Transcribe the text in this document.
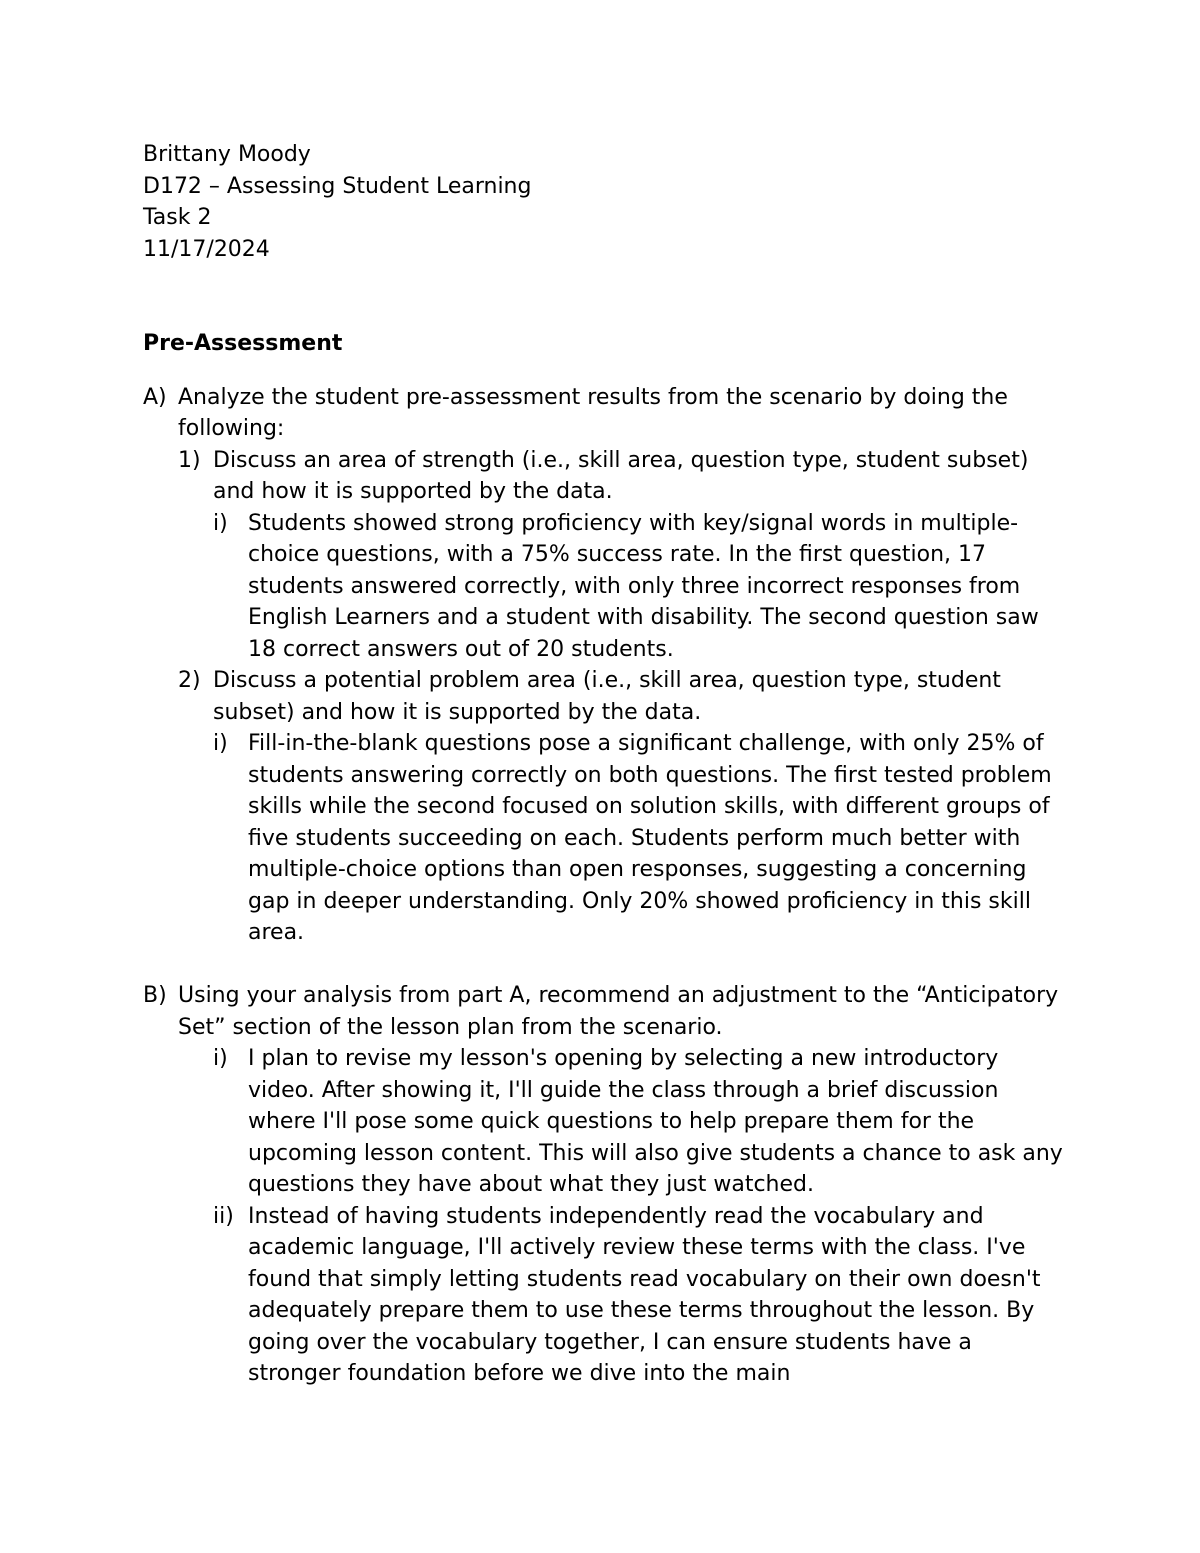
Brittany Moody
D172 – Assessing Student Learning
Task 2
11/17/2024
Pre-Assessment
A) Analyze the student pre-assessment results from the scenario by doing the following:
1) Discuss an area of strength (i.e., skill area, question type, student subset) and how it is supported by the data.
i) Students showed strong proficiency with key/signal words in multiple-choice questions, with a 75% success rate. In the first question, 17 students answered correctly, with only three incorrect responses from English Learners and a student with disability. The second question saw 18 correct answers out of 20 students.
2) Discuss a potential problem area (i.e., skill area, question type, student subset) and how it is supported by the data.
i) Fill-in-the-blank questions pose a significant challenge, with only 25% of students answering correctly on both questions. The first tested problem skills while the second focused on solution skills, with different groups of five students succeeding on each. Students perform much better with multiple-choice options than open responses, suggesting a concerning gap in deeper understanding. Only 20% showed proficiency in this skill area.
B) Using your analysis from part A, recommend an adjustment to the “Anticipatory Set” section of the lesson plan from the scenario.
i) I plan to revise my lesson's opening by selecting a new introductory video. After showing it, I'll guide the class through a brief discussion where I'll pose some quick questions to help prepare them for the upcoming lesson content. This will also give students a chance to ask any questions they have about what they just watched.
ii) Instead of having students independently read the vocabulary and academic language, I'll actively review these terms with the class. I've found that simply letting students read vocabulary on their own doesn't adequately prepare them to use these terms throughout the lesson. By going over the vocabulary together, I can ensure students have a stronger foundation before we dive into the main
